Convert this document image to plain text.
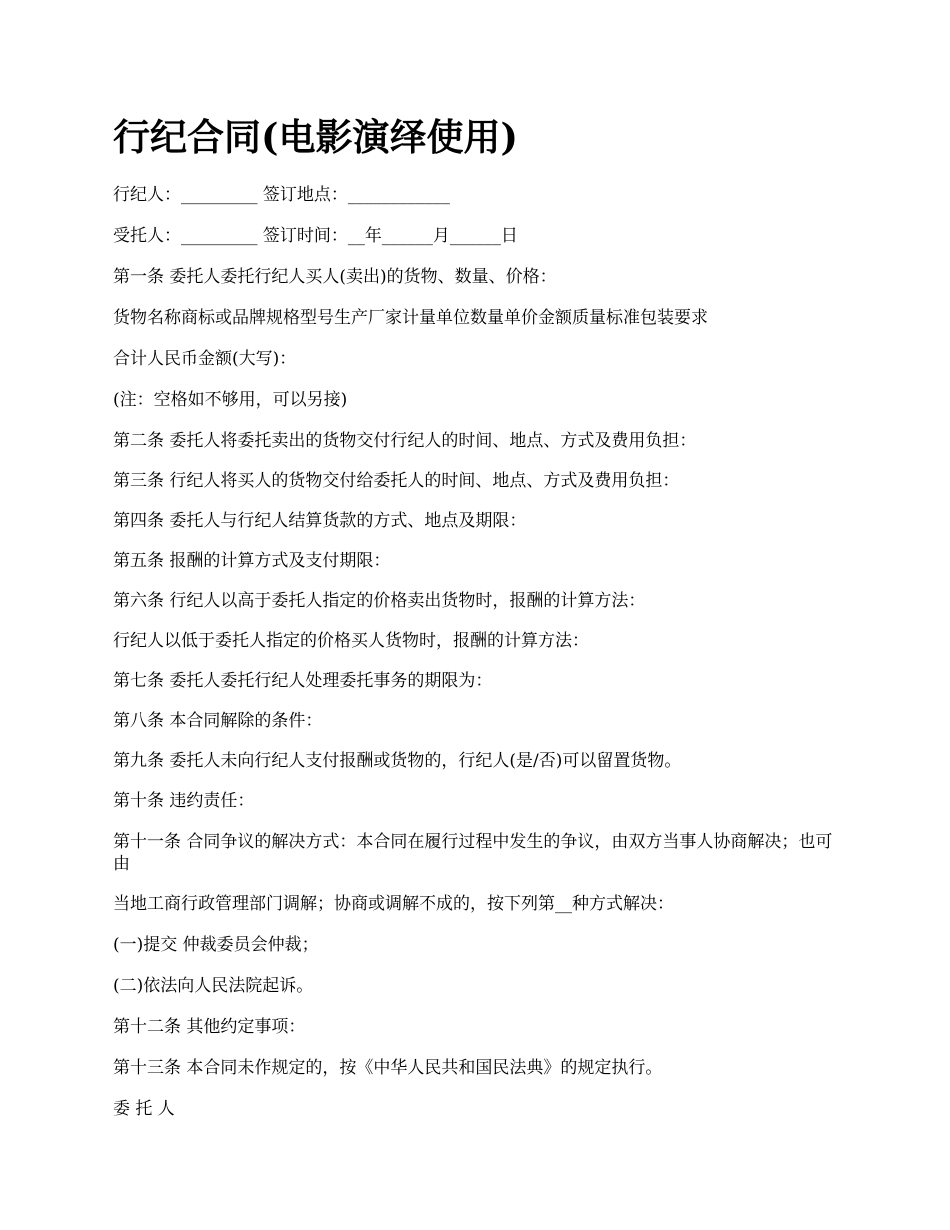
行纪合同(电影演绎使用)

行纪人：_________ 签订地点：____________

受托人：_________ 签订时间：__年______月______日

第一条 委托人委托行纪人买人(卖出)的货物、数量、价格：

货物名称商标或品牌规格型号生产厂家计量单位数量单价金额质量标准包装要求

合计人民币金额(大写)：

(注：空格如不够用，可以另接)

第二条 委托人将委托卖出的货物交付行纪人的时间、地点、方式及费用负担：

第三条 行纪人将买人的货物交付给委托人的时间、地点、方式及费用负担：

第四条 委托人与行纪人结算货款的方式、地点及期限：

第五条 报酬的计算方式及支付期限：

第六条 行纪人以高于委托人指定的价格卖出货物时，报酬的计算方法：

行纪人以低于委托人指定的价格买人货物时，报酬的计算方法：

第七条 委托人委托行纪人处理委托事务的期限为：

第八条 本合同解除的条件：

第九条 委托人未向行纪人支付报酬或货物的，行纪人(是/否)可以留置货物。

第十条 违约责任：

第十一条 合同争议的解决方式：本合同在履行过程中发生的争议，由双方当事人协商解决；也可由

当地工商行政管理部门调解；协商或调解不成的，按下列第__种方式解决：

(一)提交 仲裁委员会仲裁；

(二)依法向人民法院起诉。

第十二条 其他约定事项：

第十三条 本合同未作规定的，按《中华人民共和国民法典》的规定执行。

委 托 人
